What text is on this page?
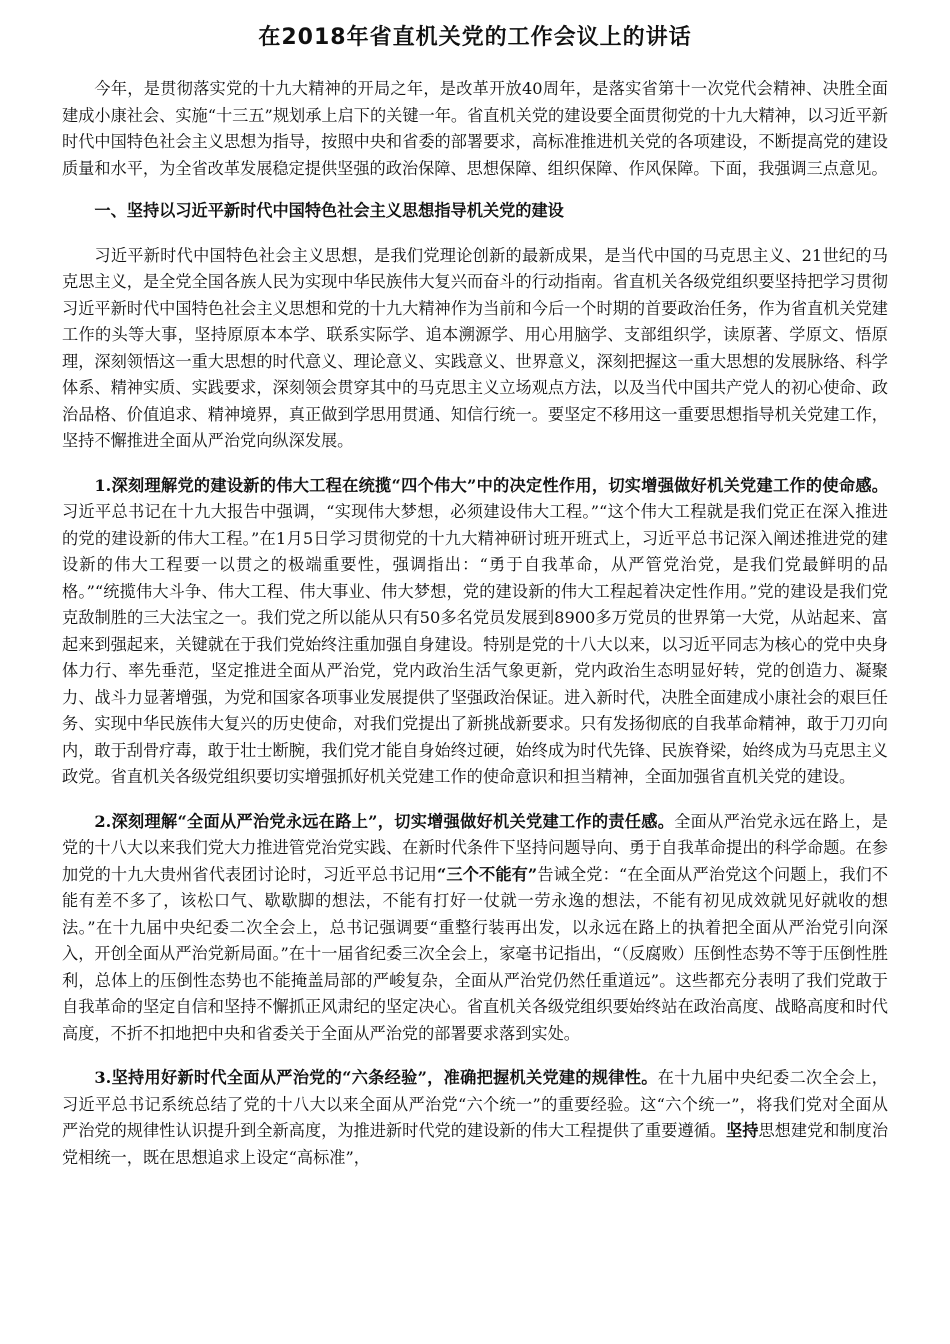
在2018年省直机关党的工作会议上的讲话

今年，是贯彻落实党的十九大精神的开局之年，是改革开放40周年，是落实省第十一次党代会精神、决胜全面建成小康社会、实施“十三五”规划承上启下的关键一年。省直机关党的建设要全面贯彻党的十九大精神，以习近平新时代中国特色社会主义思想为指导，按照中央和省委的部署要求，高标准推进机关党的各项建设，不断提高党的建设质量和水平，为全省改革发展稳定提供坚强的政治保障、思想保障、组织保障、作风保障。下面，我强调三点意见。

一、坚持以习近平新时代中国特色社会主义思想指导机关党的建设

习近平新时代中国特色社会主义思想，是我们党理论创新的最新成果，是当代中国的马克思主义、21世纪的马克思主义，是全党全国各族人民为实现中华民族伟大复兴而奋斗的行动指南。省直机关各级党组织要坚持把学习贯彻习近平新时代中国特色社会主义思想和党的十九大精神作为当前和今后一个时期的首要政治任务，作为省直机关党建工作的头等大事，坚持原原本本学、联系实际学、追本溯源学、用心用脑学、支部组织学，读原著、学原文、悟原理，深刻领悟这一重大思想的时代意义、理论意义、实践意义、世界意义，深刻把握这一重大思想的发展脉络、科学体系、精神实质、实践要求，深刻领会贯穿其中的马克思主义立场观点方法，以及当代中国共产党人的初心使命、政治品格、价值追求、精神境界，真正做到学思用贯通、知信行统一。要坚定不移用这一重要思想指导机关党建工作，坚持不懈推进全面从严治党向纵深发展。

1.深刻理解党的建设新的伟大工程在统揽“四个伟大”中的决定性作用，切实增强做好机关党建工作的使命感。习近平总书记在十九大报告中强调，“实现伟大梦想，必须建设伟大工程。”“这个伟大工程就是我们党正在深入推进的党的建设新的伟大工程。”在1月5日学习贯彻党的十九大精神研讨班开班式上，习近平总书记深入阐述推进党的建设新的伟大工程要一以贯之的极端重要性，强调指出：“勇于自我革命，从严管党治党，是我们党最鲜明的品格。”“统揽伟大斗争、伟大工程、伟大事业、伟大梦想，党的建设新的伟大工程起着决定性作用。”党的建设是我们党克敌制胜的三大法宝之一。我们党之所以能从只有50多名党员发展到8900多万党员的世界第一大党，从站起来、富起来到强起来，关键就在于我们党始终注重加强自身建设。特别是党的十八大以来，以习近平同志为核心的党中央身体力行、率先垂范，坚定推进全面从严治党，党内政治生活气象更新，党内政治生态明显好转，党的创造力、凝聚力、战斗力显著增强，为党和国家各项事业发展提供了坚强政治保证。进入新时代，决胜全面建成小康社会的艰巨任务、实现中华民族伟大复兴的历史使命，对我们党提出了新挑战新要求。只有发扬彻底的自我革命精神，敢于刀刃向内，敢于刮骨疗毒，敢于壮士断腕，我们党才能自身始终过硬，始终成为时代先锋、民族脊梁，始终成为马克思主义政党。省直机关各级党组织要切实增强抓好机关党建工作的使命意识和担当精神，全面加强省直机关党的建设。

2.深刻理解“全面从严治党永远在路上”，切实增强做好机关党建工作的责任感。全面从严治党永远在路上，是党的十八大以来我们党大力推进管党治党实践、在新时代条件下坚持问题导向、勇于自我革命提出的科学命题。在参加党的十九大贵州省代表团讨论时，习近平总书记用“三个不能有”告诫全党：“在全面从严治党这个问题上，我们不能有差不多了，该松口气、歇歇脚的想法，不能有打好一仗就一劳永逸的想法，不能有初见成效就见好就收的想法。”在十九届中央纪委二次全会上，总书记强调要“重整行装再出发，以永远在路上的执着把全面从严治党引向深入，开创全面从严治党新局面。”在十一届省纪委三次全会上，家毫书记指出，“（反腐败）压倒性态势不等于压倒性胜利，总体上的压倒性态势也不能掩盖局部的严峻复杂，全面从严治党仍然任重道远”。这些都充分表明了我们党敢于自我革命的坚定自信和坚持不懈抓正风肃纪的坚定决心。省直机关各级党组织要始终站在政治高度、战略高度和时代高度，不折不扣地把中央和省委关于全面从严治党的部署要求落到实处。

3.坚持用好新时代全面从严治党的“六条经验”，准确把握机关党建的规律性。在十九届中央纪委二次全会上，习近平总书记系统总结了党的十八大以来全面从严治党“六个统一”的重要经验。这“六个统一”，将我们党对全面从严治党的规律性认识提升到全新高度，为推进新时代党的建设新的伟大工程提供了重要遵循。坚持思想建党和制度治党相统一，既在思想追求上设定“高标准”，
